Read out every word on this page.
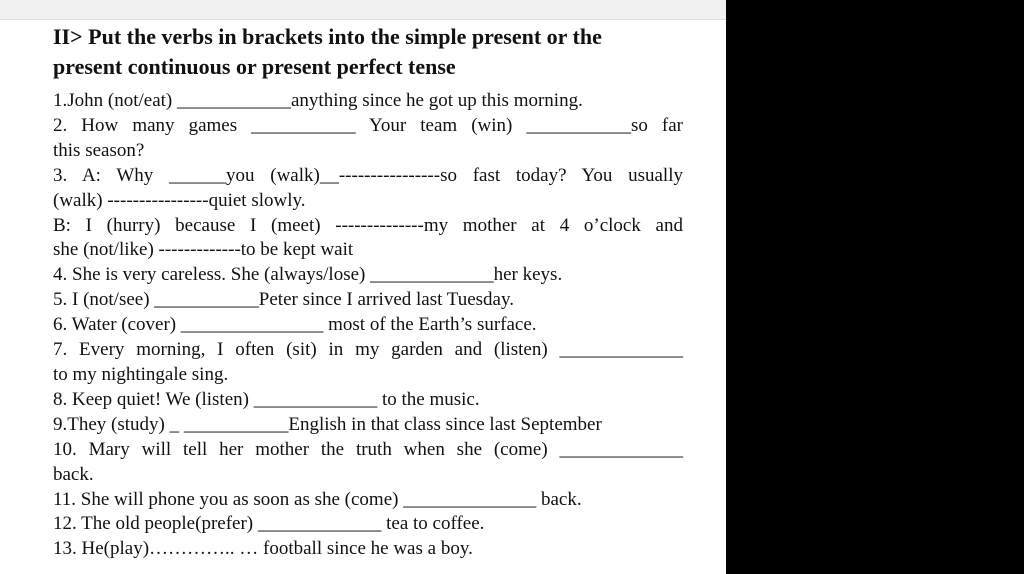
II> Put the verbs in brackets into the simple present or the
present continuous or present perfect tense
1.John (not/eat) ____________anything since he got up this morning.
2. How many games ___________ Your team (win) ___________so far
this season?
3. A: Why ______you (walk)__----------------so fast today? You usually
(walk) ----------------quiet slowly.
B: I (hurry) because I (meet) --------------my mother at 4 o’clock and
she (not/like) -------------to be kept wait
4. She is very careless. She (always/lose) _____________her keys.
5. I (not/see) ___________Peter since I arrived last Tuesday.
6. Water (cover) _______________ most of the Earth’s surface.
7. Every morning, I often (sit) in my garden and (listen) _____________
to my nightingale sing.
8. Keep quiet! We (listen) _____________ to the music.
9.They (study) _ ___________English in that class since last September
10. Mary will tell her mother the truth when she (come) _____________
back.
11. She will phone you as soon as she (come) ______________ back.
12. The old people(prefer) _____________ tea to coffee.
13. He(play)………….. … football since he was a boy.
